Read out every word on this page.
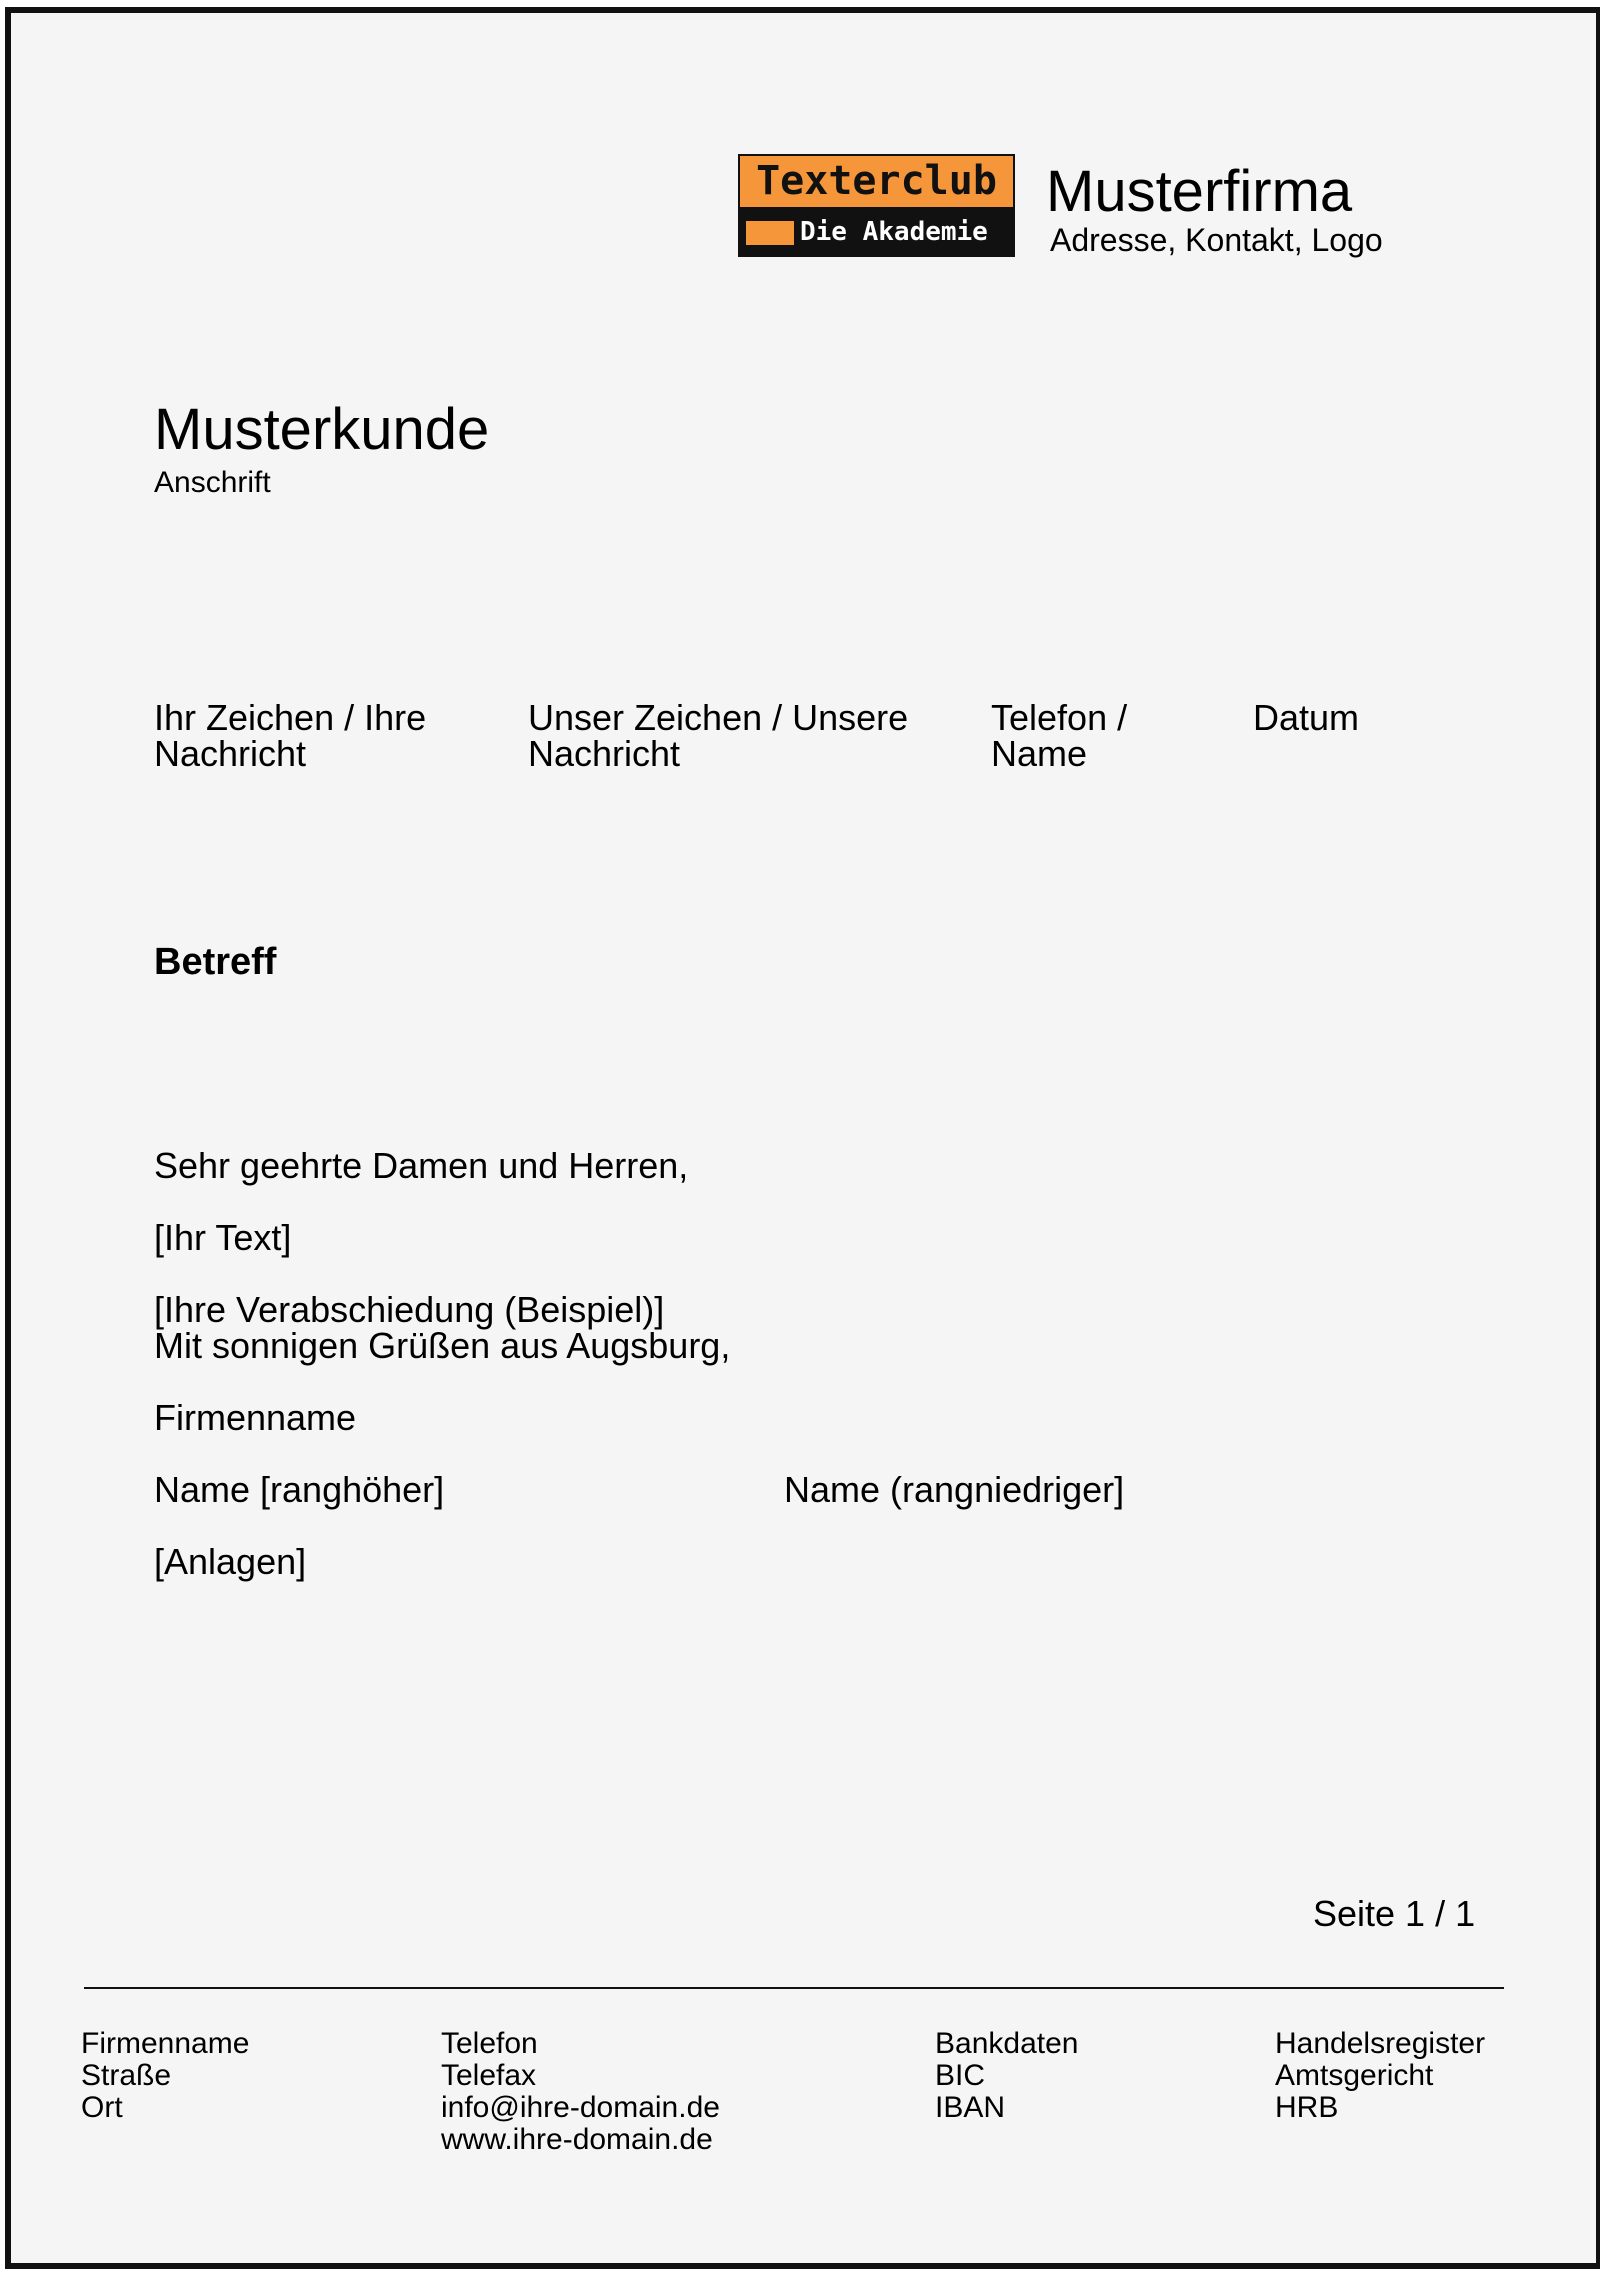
Texterclub
Die Akademie
Musterfirma
Adresse, Kontakt, Logo
Musterkunde
Anschrift
Ihr Zeichen / Ihre
Nachricht
Unser Zeichen / Unsere
Nachricht
Telefon /
Name
Datum
Betreff
Sehr geehrte Damen und Herren,
[Ihr Text]
[Ihre Verabschiedung (Beispiel)]
Mit sonnigen Grüßen aus Augsburg,
Firmenname
Name [ranghöher]	Name (rangniedriger]
[Anlagen]
Seite 1 / 1
Firmenname
Straße
Ort
Telefon
Telefax
info@ihre-domain.de
www.ihre-domain.de
Bankdaten
BIC
IBAN
Handelsregister
Amtsgericht
HRB
